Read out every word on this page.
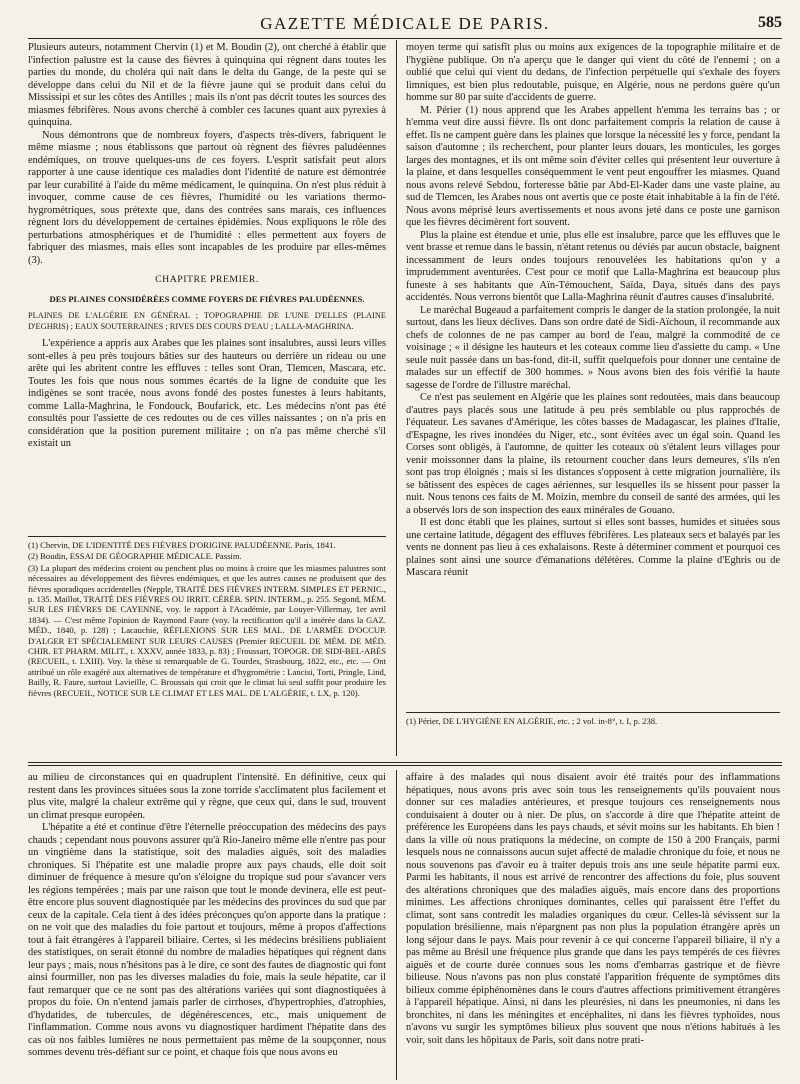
GAZETTE MÉDICALE DE PARIS.	585

Plusieurs auteurs, notamment Chervin (1) et M. Boudin (2), ont cherché à établir que l'infection palustre est la cause des fièvres à quinquina qui règnent dans toutes les parties du monde, du choléra qui naît dans le delta du Gange, de la peste qui se développe dans celui du Nil et de la fièvre jaune qui se produit dans celui du Mississipi et sur les côtes des Antilles ; mais ils n'ont pas décrit toutes les sources des miasmes fébrifères. Nous avons cherché à combler ces lacunes quant aux pyrexies à quinquina.

Nous démontrons que de nombreux foyers, d'aspects très-divers, fabriquent le même miasme ; nous établissons que partout où règnent des fièvres paludéennes endémiques, on trouve quelques-uns de ces foyers. L'esprit satisfait peut alors rapporter à une cause identique ces maladies dont l'identité de nature est démontrée par leur curabilité à l'aide du même médicament, le quinquina. On n'est plus réduit à invoquer, comme cause de ces fièvres, l'humidité ou les variations thermo-hygrométriques, sous prétexte que, dans des contrées sans marais, ces influences règnent lors du développement de certaines épidémies. Nous expliquons le rôle des perturbations atmosphériques et de l'humidité : elles permettent aux foyers de fabriquer des miasmes, mais elles sont incapables de les produire par elles-mêmes (3).

CHAPITRE PREMIER.

DES PLAINES CONSIDÉRÉES COMME FOYERS DE FIÈVRES PALUDÉENNES.

PLAINES DE L'ALGÉRIE EN GÉNÉRAL ; TOPOGRAPHIE DE L'UNE D'ELLES (PLAINE D'EGHRIS) ; EAUX SOUTERRAINES ; RIVES DES COURS D'EAU ; LALLA-MAGHRINA.

L'expérience a appris aux Arabes que les plaines sont insalubres, aussi leurs villes sont-elles à peu près toujours bâties sur des hauteurs ou derrière un rideau ou une arête qui les abritent contre les effluves : telles sont Oran, Tlemcen, Mascara, etc. Toutes les fois que nous nous sommes écartés de la ligne de conduite que les indigènes se sont tracée, nous avons fondé des postes funestes à leurs habitants, comme Lalla-Maghrina, le Fondouck, Boufarick, etc. Les médecins n'ont pas été consultés pour l'assiette de ces redoutes ou de ces villes naissantes ; on n'a pris en considération que la position purement militaire ; on n'a pas même cherché s'il existait un

(1) Chervin, DE L'IDENTITÉ DES FIÈVRES D'ORIGINE PALUDÉENNE. Paris, 1841.

(2) Boudin, ESSAI DE GÉOGRAPHIE MÉDICALE. Passim.

(3) La plupart des médecins croient ou penchent plus ou moins à croire que les miasmes palustres sont nécessaires au développement des fièvres endémiques, et que les autres causes ne produisent que des fièvres sporadiques accidentelles (Nepple, TRAITÉ DES FIÈVRES INTERM. SIMPLES ET PERNIC., p. 135. Maillot, TRAITÉ DES FIÈVRES OU IRRIT. CÉRÉB. SPIN. INTERM., p. 255. Segond, MÉM. SUR LES FIÈVRES DE CAYENNE, voy. le rapport à l'Académie, par Louyer-Villermay, 1er avril 1834). — C'est même l'opinion de Raymond Faure (voy. la rectification qu'il a insérée dans la GAZ. MÉD., 1840, p. 128) ; Lacauchie, RÉFLEXIONS SUR LES MAL. DE L'ARMÉE D'OCCUP. D'ALGER ET SPÉCIALEMENT SUR LEURS CAUSES (Premier RECUEIL DE MÉM. DE MÉD. CHIR. ET PHARM. MILIT., t. XXXV, année 1833, p. 83) ; Froussart, TOPOGR. DE SIDI-BEL-ABÈS (RECUEIL, t. LXIII). Voy. la thèse si remarquable de G. Tourdes, Strasbourg, 1822, etc., etc. — Ont attribué un rôle exagéré aux alternatives de température et d'hygrométrie : Lancisi, Torti, Pringle, Lind, Bailly, R. Faure, surtout Lavieille, C. Broussais qui croit que le climat lui seul suffit pour produire les fièvres (RECUEIL, NOTICE SUR LE CLIMAT ET LES MAL. DE L'ALGÉRIE, t. LX, p. 120).

moyen terme qui satisfît plus ou moins aux exigences de la topographie militaire et de l'hygiène publique. On n'a aperçu que le danger qui vient du côté de l'ennemi ; on a oublié que celui qui vient du dedans, de l'infection perpétuelle qui s'exhale des foyers limniques, est bien plus redoutable, puisque, en Algérie, nous ne perdons guère qu'un homme sur 80 par suite d'accidents de guerre.

M. Périer (1) nous apprend que les Arabes appellent h'emma les terrains bas ; or h'emma veut dire aussi fièvre. Ils ont donc parfaitement compris la relation de cause à effet. Ils ne campent guère dans les plaines que lorsque la nécessité les y force, pendant la saison d'automne ; ils recherchent, pour planter leurs douars, les monticules, les gorges larges des montagnes, et ils ont même soin d'éviter celles qui présentent leur ouverture à la plaine, et dans lesquelles conséquemment le vent peut engouffrer les miasmes. Quand nous avons relevé Sebdou, forteresse bâtie par Abd-El-Kader dans une vaste plaine, au sud de Tlemcen, les Arabes nous ont avertis que ce poste était inhabitable à la fin de l'été. Nous avons méprisé leurs avertissements et nous avons jeté dans ce poste une garnison que les fièvres décimèrent fort souvent.

Plus la plaine est étendue et unie, plus elle est insalubre, parce que les effluves que le vent brasse et remue dans le bassin, n'étant retenus ou déviés par aucun obstacle, baignent incessamment de leurs ondes toujours renouvelées les habitations qu'on y a imprudemment aventurées. C'est pour ce motif que Lalla-Maghrina est beaucoup plus funeste à ses habitants que Aïn-Témouchent, Saïda, Daya, situés dans des pays accidentés. Nous verrons bientôt que Lalla-Maghrina réunit d'autres causes d'insalubrité.

Le maréchal Bugeaud a parfaitement compris le danger de la station prolongée, la nuit surtout, dans les lieux déclives. Dans son ordre daté de Sidi-Aïchoun, il recommande aux chefs de colonnes de ne pas camper au bord de l'eau, malgré la commodité de ce voisinage ; « il désigne les hauteurs et les coteaux comme lieu d'assiette du camp. « Une seule nuit passée dans un bas-fond, dit-il, suffit quelquefois pour donner une centaine de malades sur un effectif de 300 hommes. » Nous avons bien des fois vérifié la haute sagesse de l'ordre de l'illustre maréchal.

Ce n'est pas seulement en Algérie que les plaines sont redoutées, mais dans beaucoup d'autres pays placés sous une latitude à peu près semblable ou plus rapprochés de l'équateur. Les savanes d'Amérique, les côtes basses de Madagascar, les plaines d'Italie, d'Espagne, les rives inondées du Niger, etc., sont évitées avec un égal soin. Quand les Corses sont obligés, à l'automne, de quitter les coteaux où s'étalent leurs villages pour venir moissonner dans la plaine, ils retournent coucher dans leurs demeures, s'ils n'en sont pas trop éloignés ; mais si les distances s'opposent à cette migration journalière, ils se bâtissent des espèces de cages aériennes, sur lesquelles ils se hissent pour passer la nuit. Nous tenons ces faits de M. Moizin, membre du conseil de santé des armées, qui les a observés lors de son inspection des eaux minérales de Gouano.

Il est donc établi que les plaines, surtout si elles sont basses, humides et situées sous une certaine latitude, dégagent des effluves fébrifères. Les plateaux secs et balayés par les vents ne donnent pas lieu à ces exhalaisons. Reste à déterminer comment et pourquoi ces plaines sont ainsi une source d'émanations délétères. Comme la plaine d'Eghris ou de Mascara réunit

(1) Périer, DE L'HYGIÈNE EN ALGÉRIE, etc. ; 2 vol. in-8°, t. I, p. 238.

au milieu de circonstances qui en quadruplent l'intensité. En définitive, ceux qui restent dans les provinces situées sous la zone torride s'acclimatent plus facilement et plus vite, malgré la chaleur extrême qui y règne, que ceux qui, dans le sud, trouvent un climat presque européen.

L'hépatite a été et continue d'être l'éternelle préoccupation des médecins des pays chauds ; cependant nous pouvons assurer qu'à Rio-Janeiro même elle n'entre pas pour un vingtième dans la statistique, soit des maladies aiguës, soit des maladies chroniques. Si l'hépatite est une maladie propre aux pays chauds, elle doit soit diminuer de fréquence à mesure qu'on s'éloigne du tropique sud pour s'avancer vers les régions tempérées ; mais par une raison que tout le monde devinera, elle est peut-être encore plus souvent diagnostiquée par les médecins des provinces du sud que par ceux de la capitale. Cela tient à des idées préconçues qu'on apporte dans la pratique : on ne voit que des maladies du foie partout et toujours, même à propos d'affections tout à fait étrangères à l'appareil biliaire. Certes, si les médecins brésiliens publiaient des statistiques, on serait étonné du nombre de maladies hépatiques qui règnent dans leur pays ; mais, nous n'hésitons pas à le dire, ce sont des fautes de diagnostic qui font ainsi fourmiller, non pas les diverses maladies du foie, mais la seule hépatite, car il faut remarquer que ce ne sont pas des altérations variées qui sont diagnostiquées à propos du foie. On n'entend jamais parler de cirrhoses, d'hypertrophies, d'atrophies, d'hydatides, de tubercules, de dégénérescences, etc., mais uniquement de l'inflammation. Comme nous avons vu diagnostiquer hardiment l'hépatite dans des cas où nos faibles lumières ne nous permettaient pas même de la soupçonner, nous sommes devenu très-défiant sur ce point, et chaque fois que nous avons eu

affaire à des malades qui nous disaient avoir été traités pour des inflammations hépatiques, nous avons pris avec soin tous les renseignements qu'ils pouvaient nous donner sur ces maladies antérieures, et presque toujours ces renseignements nous conduisaient à douter ou à nier. De plus, on s'accorde à dire que l'hépatite atteint de préférence les Européens dans les pays chauds, et sévit moins sur les habitants. Eh bien ! dans la ville où nous pratiquons la médecine, on compte de 150 à 200 Français, parmi lesquels nous ne connaissons aucun sujet affecté de maladie chronique du foie, et nous ne nous souvenons pas d'avoir eu à traiter depuis trois ans une seule hépatite parmi eux. Parmi les habitants, il nous est arrivé de rencontrer des affections du foie, plus souvent des altérations chroniques que des maladies aiguës, mais encore dans des proportions minimes. Les affections chroniques dominantes, celles qui paraissent être l'effet du climat, sont sans contredit les maladies organiques du cœur. Celles-là sévissent sur la population brésilienne, mais n'épargnent pas non plus la population étrangère après un long séjour dans le pays. Mais pour revenir à ce qui concerne l'appareil biliaire, il n'y a pas même au Brésil une fréquence plus grande que dans les pays tempérés de ces fièvres aiguës et de courte durée connues sous les noms d'embarras gastrique et de fièvre bilieuse. Nous n'avons pas non plus constaté l'apparition fréquente de symptômes dits bilieux comme épiphénomènes dans le cours d'autres affections primitivement étrangères à l'appareil hépatique. Ainsi, ni dans les pleurésies, ni dans les pneumonies, ni dans les bronchites, ni dans les méningites et encéphalites, ni dans les fièvres typhoïdes, nous n'avons vu surgir les symptômes bilieux plus souvent que nous n'étions habitués à les voir, soit dans les hôpitaux de Paris, soit dans notre prati-
